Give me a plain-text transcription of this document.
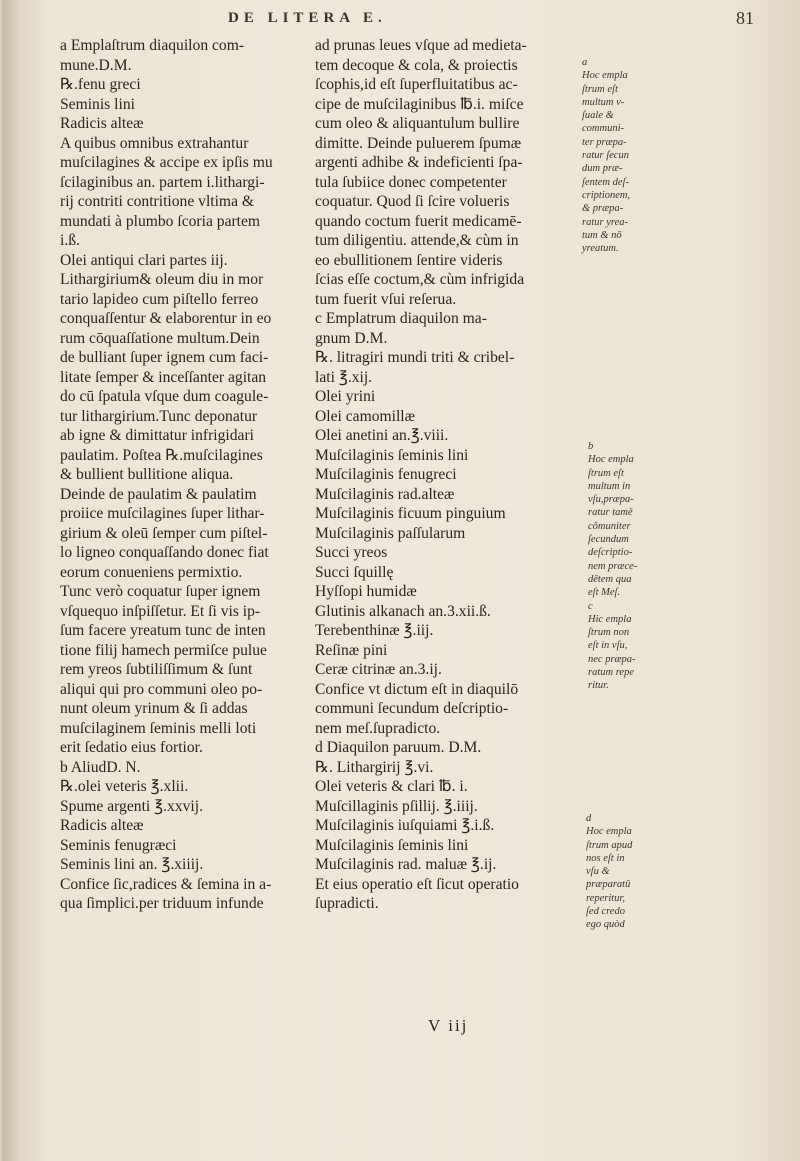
DE LITERA E.	81
a Emplaſtrum diaquilon com-
mune.D.M.
℞.fenu greci
Seminis lini
Radicis alteæ
A quibus omnibus extrahantur
muſcilagines & accipe ex ipſis mu
ſcilaginibus an. partem i.lithargi-
rij contriti contritione vltima &
mundati à plumbo ſcoria partem
i.ß.
Olei antiqui clari partes iij.
Lithargirium& oleum diu in mor
tario lapideo cum piſtello ferreo
conquaſſentur & elaborentur in eo
rum cōquaſſatione multum.Dein
de bulliant ſuper ignem cum faci-
litate ſemper & inceſſanter agitan
do cū ſpatula vſque dum coagule-
tur lithargirium.Tunc deponatur
ab igne & dimittatur infrigidari
paulatim. Poſtea ℞.muſcilagines
& bullient bullitione aliqua.
Deinde de paulatim & paulatim
proiice muſcilagines ſuper lithar-
girium & oleū ſemper cum piſtel-
lo ligneo conquaſſando donec fiat
eorum conueniens permixtio.
Tunc verò coquatur ſuper ignem
vſquequo inſpiſſetur. Et ſi vis ip-
ſum facere yreatum tunc de inten
tione filij hamech permiſce pulue
rem yreos ſubtiliſſimum & ſunt
aliqui qui pro communi oleo po-
nunt oleum yrinum & ſi addas
muſcilaginem ſeminis melli loti
erit ſedatio eius fortior.
b AliudD. N.
℞.olei veteris ℥.xlii.
Spume argenti ℥.xxvij.
Radicis alteæ
Seminis fenugræci
Seminis lini an. ℥.xiiij.
Confice ſic,radices & ſemina in a-
qua ſimplici.per triduum infunde
ad prunas leues vſque ad medieta-
tem decoque & cola, & proiectis
ſcophis,id eſt ſuperfluitatibus ac-
cipe de muſcilaginibus ℔.i. miſce
cum oleo & aliquantulum bullire
dimitte. Deinde puluerem ſpumæ
argenti adhibe & indeficienti ſpa-
tula ſubiice donec competenter
coquatur. Quod ſi ſcire volueris
quando coctum fuerit medicamē-
tum diligentiu. attende,& cùm in
eo ebullitionem ſentire videris
ſcias eſſe coctum,& cùm infrigida
tum fuerit vſui reſerua.
c Emplatrum diaquilon ma-
gnum D.M.
℞. litragiri mundi triti & cribel-
lati ℥.xij.
Olei yrini
Olei camomillæ
Olei anetini an.℥.viii.
Muſcilaginis ſeminis lini
Muſcilaginis fenugreci
Muſcilaginis rad.alteæ
Muſcilaginis ficuum pinguium
Muſcilaginis paſſularum
Succi yreos
Succi ſquillę
Hyſſopi humidæ
Glutinis alkanach an.3.xii.ß.
Terebenthinæ ℥.iij.
Reſinæ pini
Ceræ citrinæ an.3.ij.
Confice vt dictum eſt in diaquilō
communi ſecundum deſcriptio-
nem meſ.ſupradicto.
d Diaquilon paruum. D.M.
℞. Lithargirij ℥.vi.
Olei veteris & clari ℔. i.
Muſcillaginis pſillij. ℥.iiij.
Muſcilaginis iuſquiami ℥.i.ß.
Muſcilaginis ſeminis lini
Muſcilaginis rad. maluæ ℥.ij.
Et eius operatio eſt ſicut operatio
ſupradicti.
a
Hoc empla
ſtrum eſt
multum v-
ſuale &
communi-
ter præpa-
ratur ſecun
dum præ-
ſentem deſ-
criptionem,
& præpa-
ratur yrea-
tum & nō
yreatum.
b
Hoc empla
ſtrum eſt
multum in
vſu,præpa-
ratur tamē
cōmuniter
ſecundum
deſcriptio-
nem præce-
dētem qua
eſt Meſ.
c
Hic empla
ſtrum non
eſt in vſu,
nec præpa-
ratum repe
ritur.
d
Hoc empla
ſtrum apud
nos eſt in
vſu &
præparatū
reperitur,
ſed credo
ego quòd
V iij
